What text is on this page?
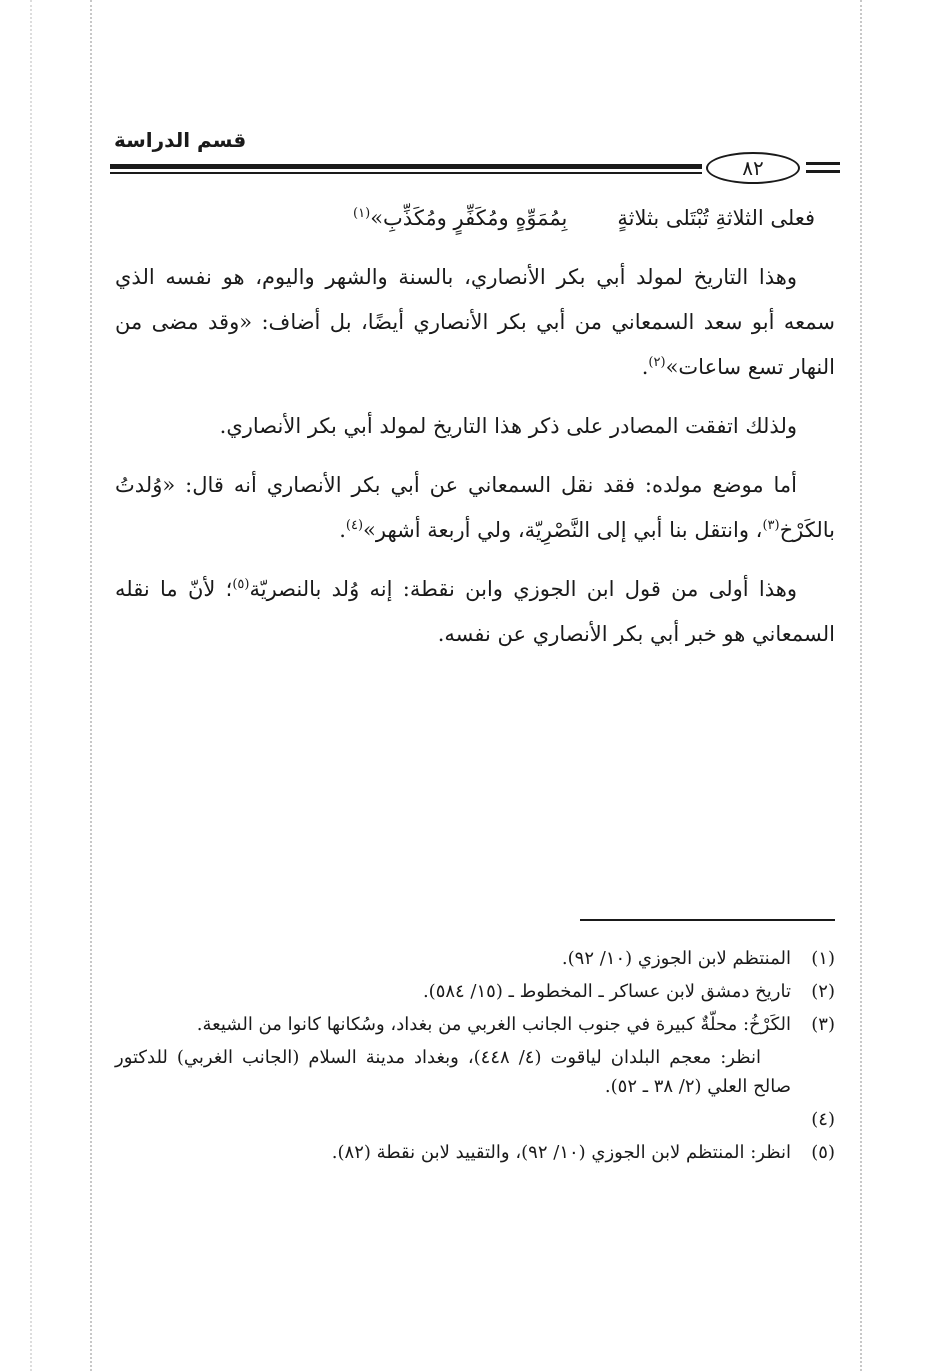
قسم الدراسة
٨٢
فعلى الثلاثةِ تُبْتَلى بثلاثةٍ
بِمُمَوِّهٍ ومُكَفِّرٍ ومُكَذِّبِ»$^{(١)}$

وهذا التاريخ لمولد أبي بكر الأنصاري، بالسنة والشهر واليوم، هو نفسه الذي سمعه أبو سعد السمعاني من أبي بكر الأنصاري أيضًا، بل أضاف: «وقد مضى من النهار تسع ساعات»$^{(٢)}$.

ولذلك اتفقت المصادر على ذكر هذا التاريخ لمولد أبي بكر الأنصاري.

أما موضع مولده: فقد نقل السمعاني عن أبي بكر الأنصاري أنه قال: «وُلدتُ بالكَرْخ$^{(٣)}$، وانتقل بنا أبي إلى النَّصْرِيّة، ولي أربعة أشهر»$^{(٤)}$.

وهذا أولى من قول ابن الجوزي وابن نقطة: إنه وُلد بالنصريّة$^{(٥)}$؛ لأنّ ما نقله السمعاني هو خبر أبي بكر الأنصاري عن نفسه.

(١)
المنتظم لابن الجوزي (١٠/ ٩٢).
(٢)
تاريخ دمشق لابن عساكر ـ المخطوط ـ (١٥/ ٥٨٤).
(٣)
الكَرْخُ: محلّةٌ كبيرة في جنوب الجانب الغربي من بغداد، وسُكانها كانوا من الشيعة.
انظر: معجم البلدان لياقوت (٤/ ٤٤٨)، وبغداد مدينة السلام (الجانب الغربي) للدكتور صالح العلي (٢/ ٣٨ ـ ٥٢).
(٤)
(٥)
انظر: المنتظم لابن الجوزي (١٠/ ٩٢)، والتقييد لابن نقطة (٨٢).
